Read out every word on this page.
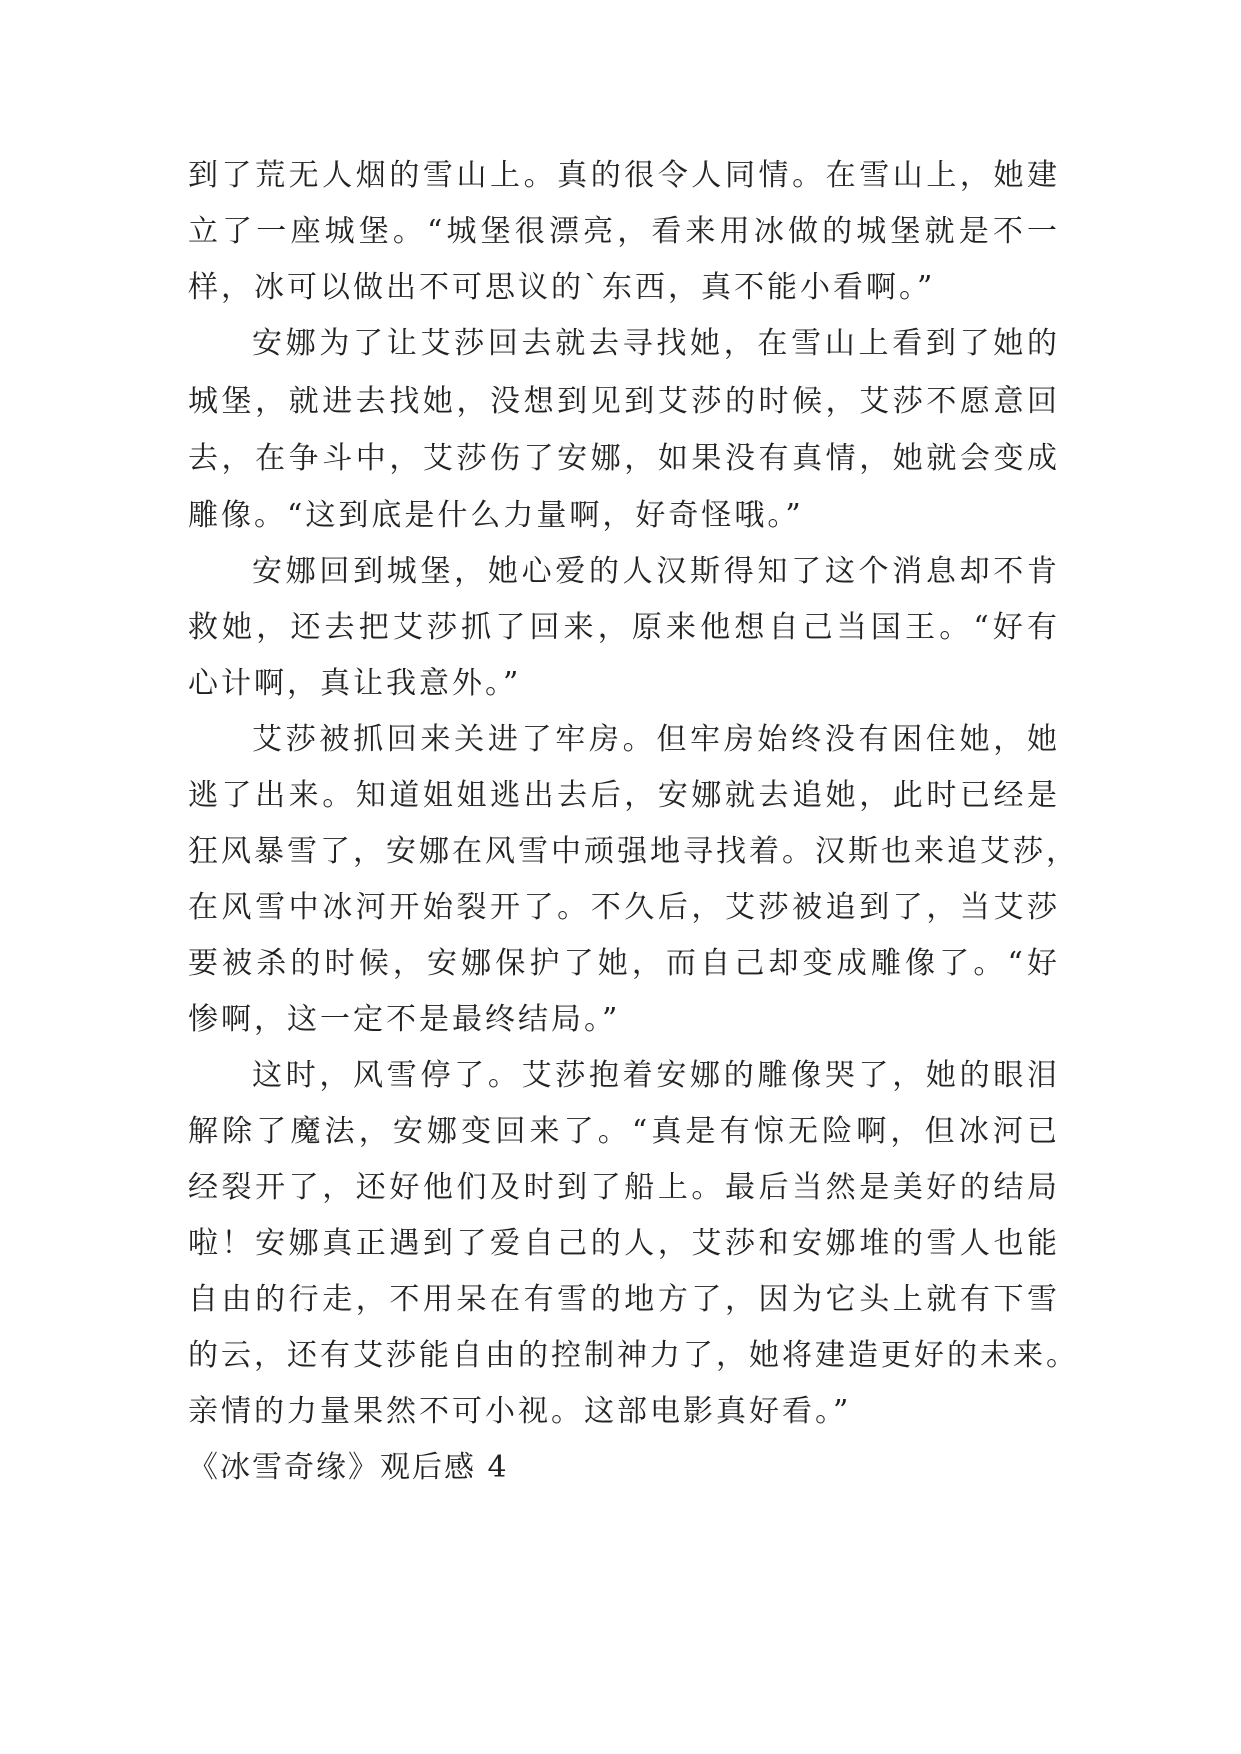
到了荒无人烟的雪山上。真的很令人同情。在雪山上，她建
立了一座城堡。“城堡很漂亮，看来用冰做的城堡就是不一
样，冰可以做出不可思议的`东西，真不能小看啊。”
安娜为了让艾莎回去就去寻找她，在雪山上看到了她的
城堡，就进去找她，没想到见到艾莎的时候，艾莎不愿意回
去，在争斗中，艾莎伤了安娜，如果没有真情，她就会变成
雕像。“这到底是什么力量啊，好奇怪哦。”
安娜回到城堡，她心爱的人汉斯得知了这个消息却不肯
救她，还去把艾莎抓了回来，原来他想自己当国王。“好有
心计啊，真让我意外。”
艾莎被抓回来关进了牢房。但牢房始终没有困住她，她
逃了出来。知道姐姐逃出去后，安娜就去追她，此时已经是
狂风暴雪了，安娜在风雪中顽强地寻找着。汉斯也来追艾莎，
在风雪中冰河开始裂开了。不久后，艾莎被追到了，当艾莎
要被杀的时候，安娜保护了她，而自己却变成雕像了。“好
惨啊，这一定不是最终结局。”
这时，风雪停了。艾莎抱着安娜的雕像哭了，她的眼泪
解除了魔法，安娜变回来了。“真是有惊无险啊，但冰河已
经裂开了，还好他们及时到了船上。最后当然是美好的结局
啦！安娜真正遇到了爱自己的人，艾莎和安娜堆的雪人也能
自由的行走，不用呆在有雪的地方了，因为它头上就有下雪
的云，还有艾莎能自由的控制神力了，她将建造更好的未来。
亲情的力量果然不可小视。这部电影真好看。”
《冰雪奇缘》观后感 4
